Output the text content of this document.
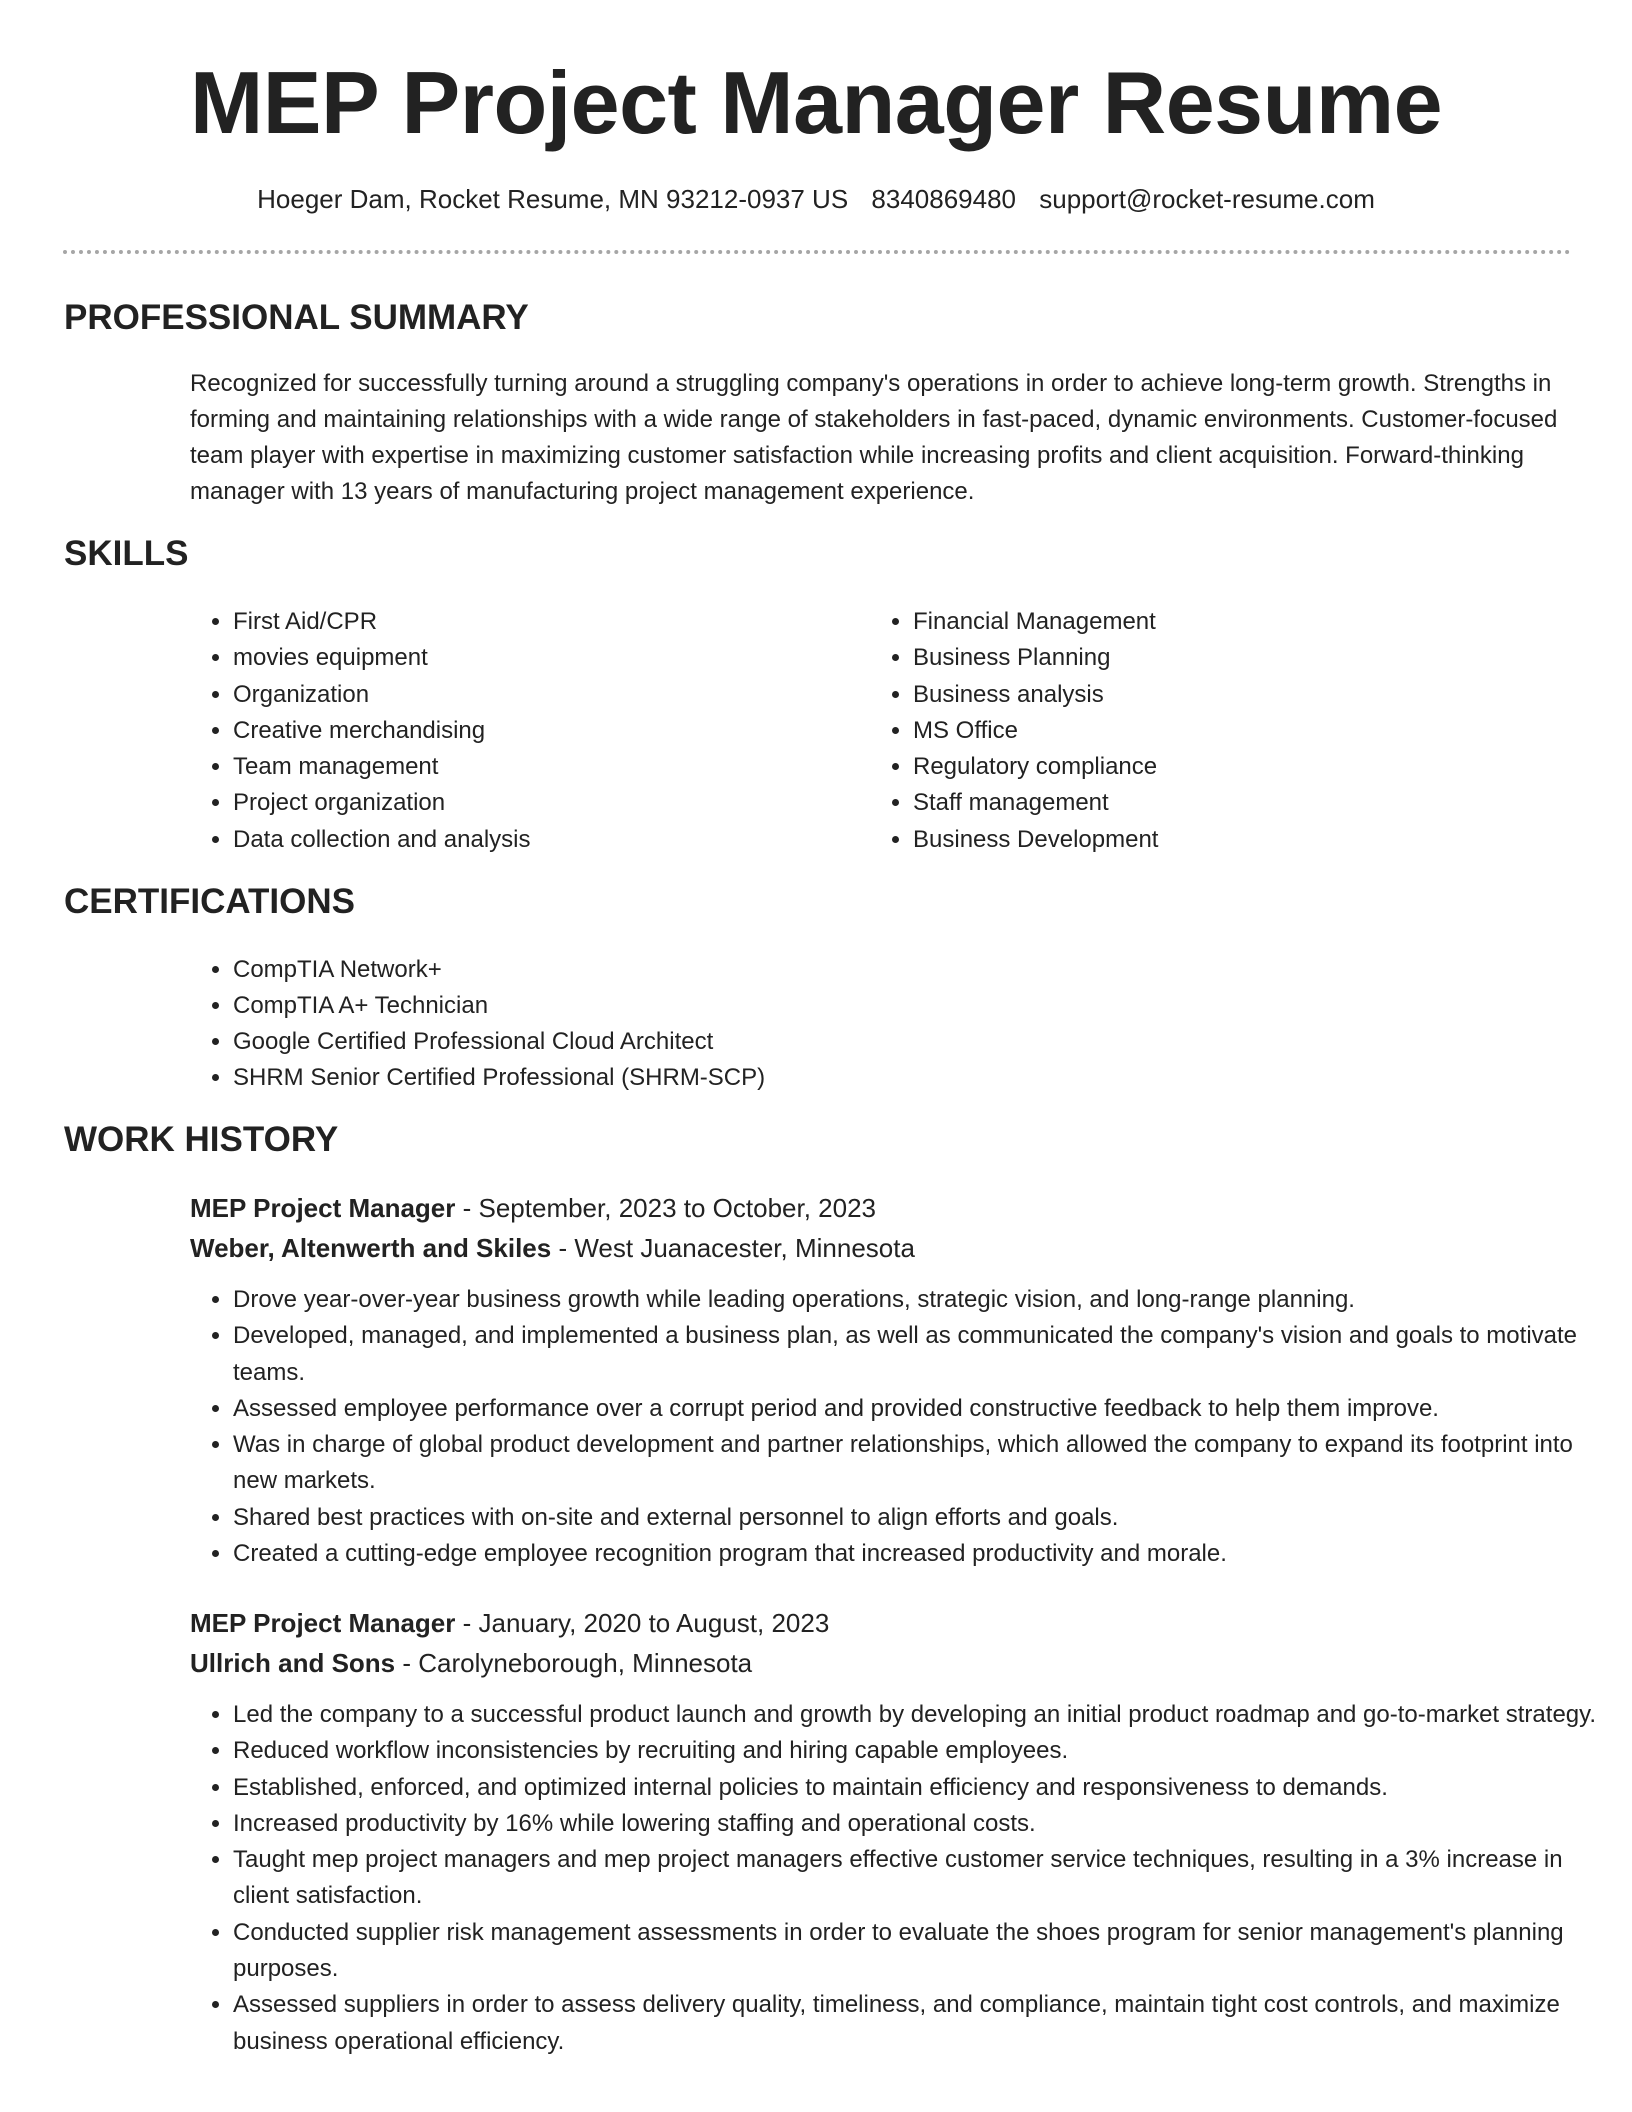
MEP Project Manager Resume
Hoeger Dam, Rocket Resume, MN 93212-0937 US 8340869480 support@rocket-resume.com
PROFESSIONAL SUMMARY
Recognized for successfully turning around a struggling company's operations in order to achieve long-term growth. Strengths in forming and maintaining relationships with a wide range of stakeholders in fast-paced, dynamic environments. Customer-focused team player with expertise in maximizing customer satisfaction while increasing profits and client acquisition. Forward-thinking manager with 13 years of manufacturing project management experience.
SKILLS
• First Aid/CPR
• movies equipment
• Organization
• Creative merchandising
• Team management
• Project organization
• Data collection and analysis
• Financial Management
• Business Planning
• Business analysis
• MS Office
• Regulatory compliance
• Staff management
• Business Development
CERTIFICATIONS
• CompTIA Network+
• CompTIA A+ Technician
• Google Certified Professional Cloud Architect
• SHRM Senior Certified Professional (SHRM-SCP)
WORK HISTORY
MEP Project Manager - September, 2023 to October, 2023
Weber, Altenwerth and Skiles - West Juanacester, Minnesota
• Drove year-over-year business growth while leading operations, strategic vision, and long-range planning.
• Developed, managed, and implemented a business plan, as well as communicated the company's vision and goals to motivate teams.
• Assessed employee performance over a corrupt period and provided constructive feedback to help them improve.
• Was in charge of global product development and partner relationships, which allowed the company to expand its footprint into new markets.
• Shared best practices with on-site and external personnel to align efforts and goals.
• Created a cutting-edge employee recognition program that increased productivity and morale.
MEP Project Manager - January, 2020 to August, 2023
Ullrich and Sons - Carolyneborough, Minnesota
• Led the company to a successful product launch and growth by developing an initial product roadmap and go-to-market strategy.
• Reduced workflow inconsistencies by recruiting and hiring capable employees.
• Established, enforced, and optimized internal policies to maintain efficiency and responsiveness to demands.
• Increased productivity by 16% while lowering staffing and operational costs.
• Taught mep project managers and mep project managers effective customer service techniques, resulting in a 3% increase in client satisfaction.
• Conducted supplier risk management assessments in order to evaluate the shoes program for senior management's planning purposes.
• Assessed suppliers in order to assess delivery quality, timeliness, and compliance, maintain tight cost controls, and maximize business operational efficiency.
